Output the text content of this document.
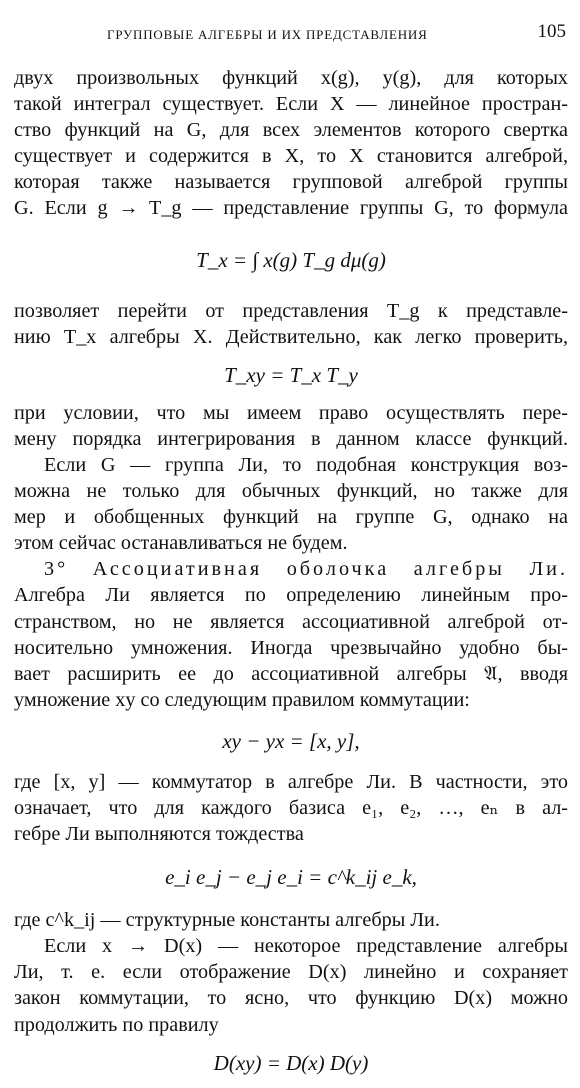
ГРУППОВЫЕ АЛГЕБРЫ И ИХ ПРЕДСТАВЛЕНИЯ	105

двух произвольных функций x(g), y(g), для которых

такой интеграл существует. Если X — линейное простран-

ство функций на G, для всех элементов которого свертка

существует и содержится в X, то X становится алгеброй,

которая также называется групповой алгеброй группы

G. Если g → T_g — представление группы G, то формула

T_x = ∫ x(g) T_g dμ(g)

позволяет перейти от представления T_g к представле-

нию T_x алгебры X. Действительно, как легко проверить,

T_xy = T_x T_y

при условии, что мы имеем право осуществлять пере-

мену порядка интегрирования в данном классе функций.

Если G — группа Ли, то подобная конструкция воз-

можна не только для обычных функций, но также для

мер и обобщенных функций на группе G, однако на

этом сейчас останавливаться не будем.

3° Ассоциативная оболочка алгебры Ли.

Алгебра Ли является по определению линейным про-

странством, но не является ассоциативной алгеброй от-

носительно умножения. Иногда чрезвычайно удобно бы-

вает расширить ее до ассоциативной алгебры 𝔄, вводя

умножение xy со следующим правилом коммутации:

xy − yx = [x, y],

где [x, y] — коммутатор в алгебре Ли. В частности, это

означает, что для каждого базиса e₁, e₂, …, eₙ в ал-

гебре Ли выполняются тождества

e_i e_j − e_j e_i = c^k_ij e_k,

где c^k_ij — структурные константы алгебры Ли.

Если x → D(x) — некоторое представление алгебры

Ли, т. е. если отображение D(x) линейно и сохраняет

закон коммутации, то ясно, что функцию D(x) можно

продолжить по правилу

D(xy) = D(x) D(y)
